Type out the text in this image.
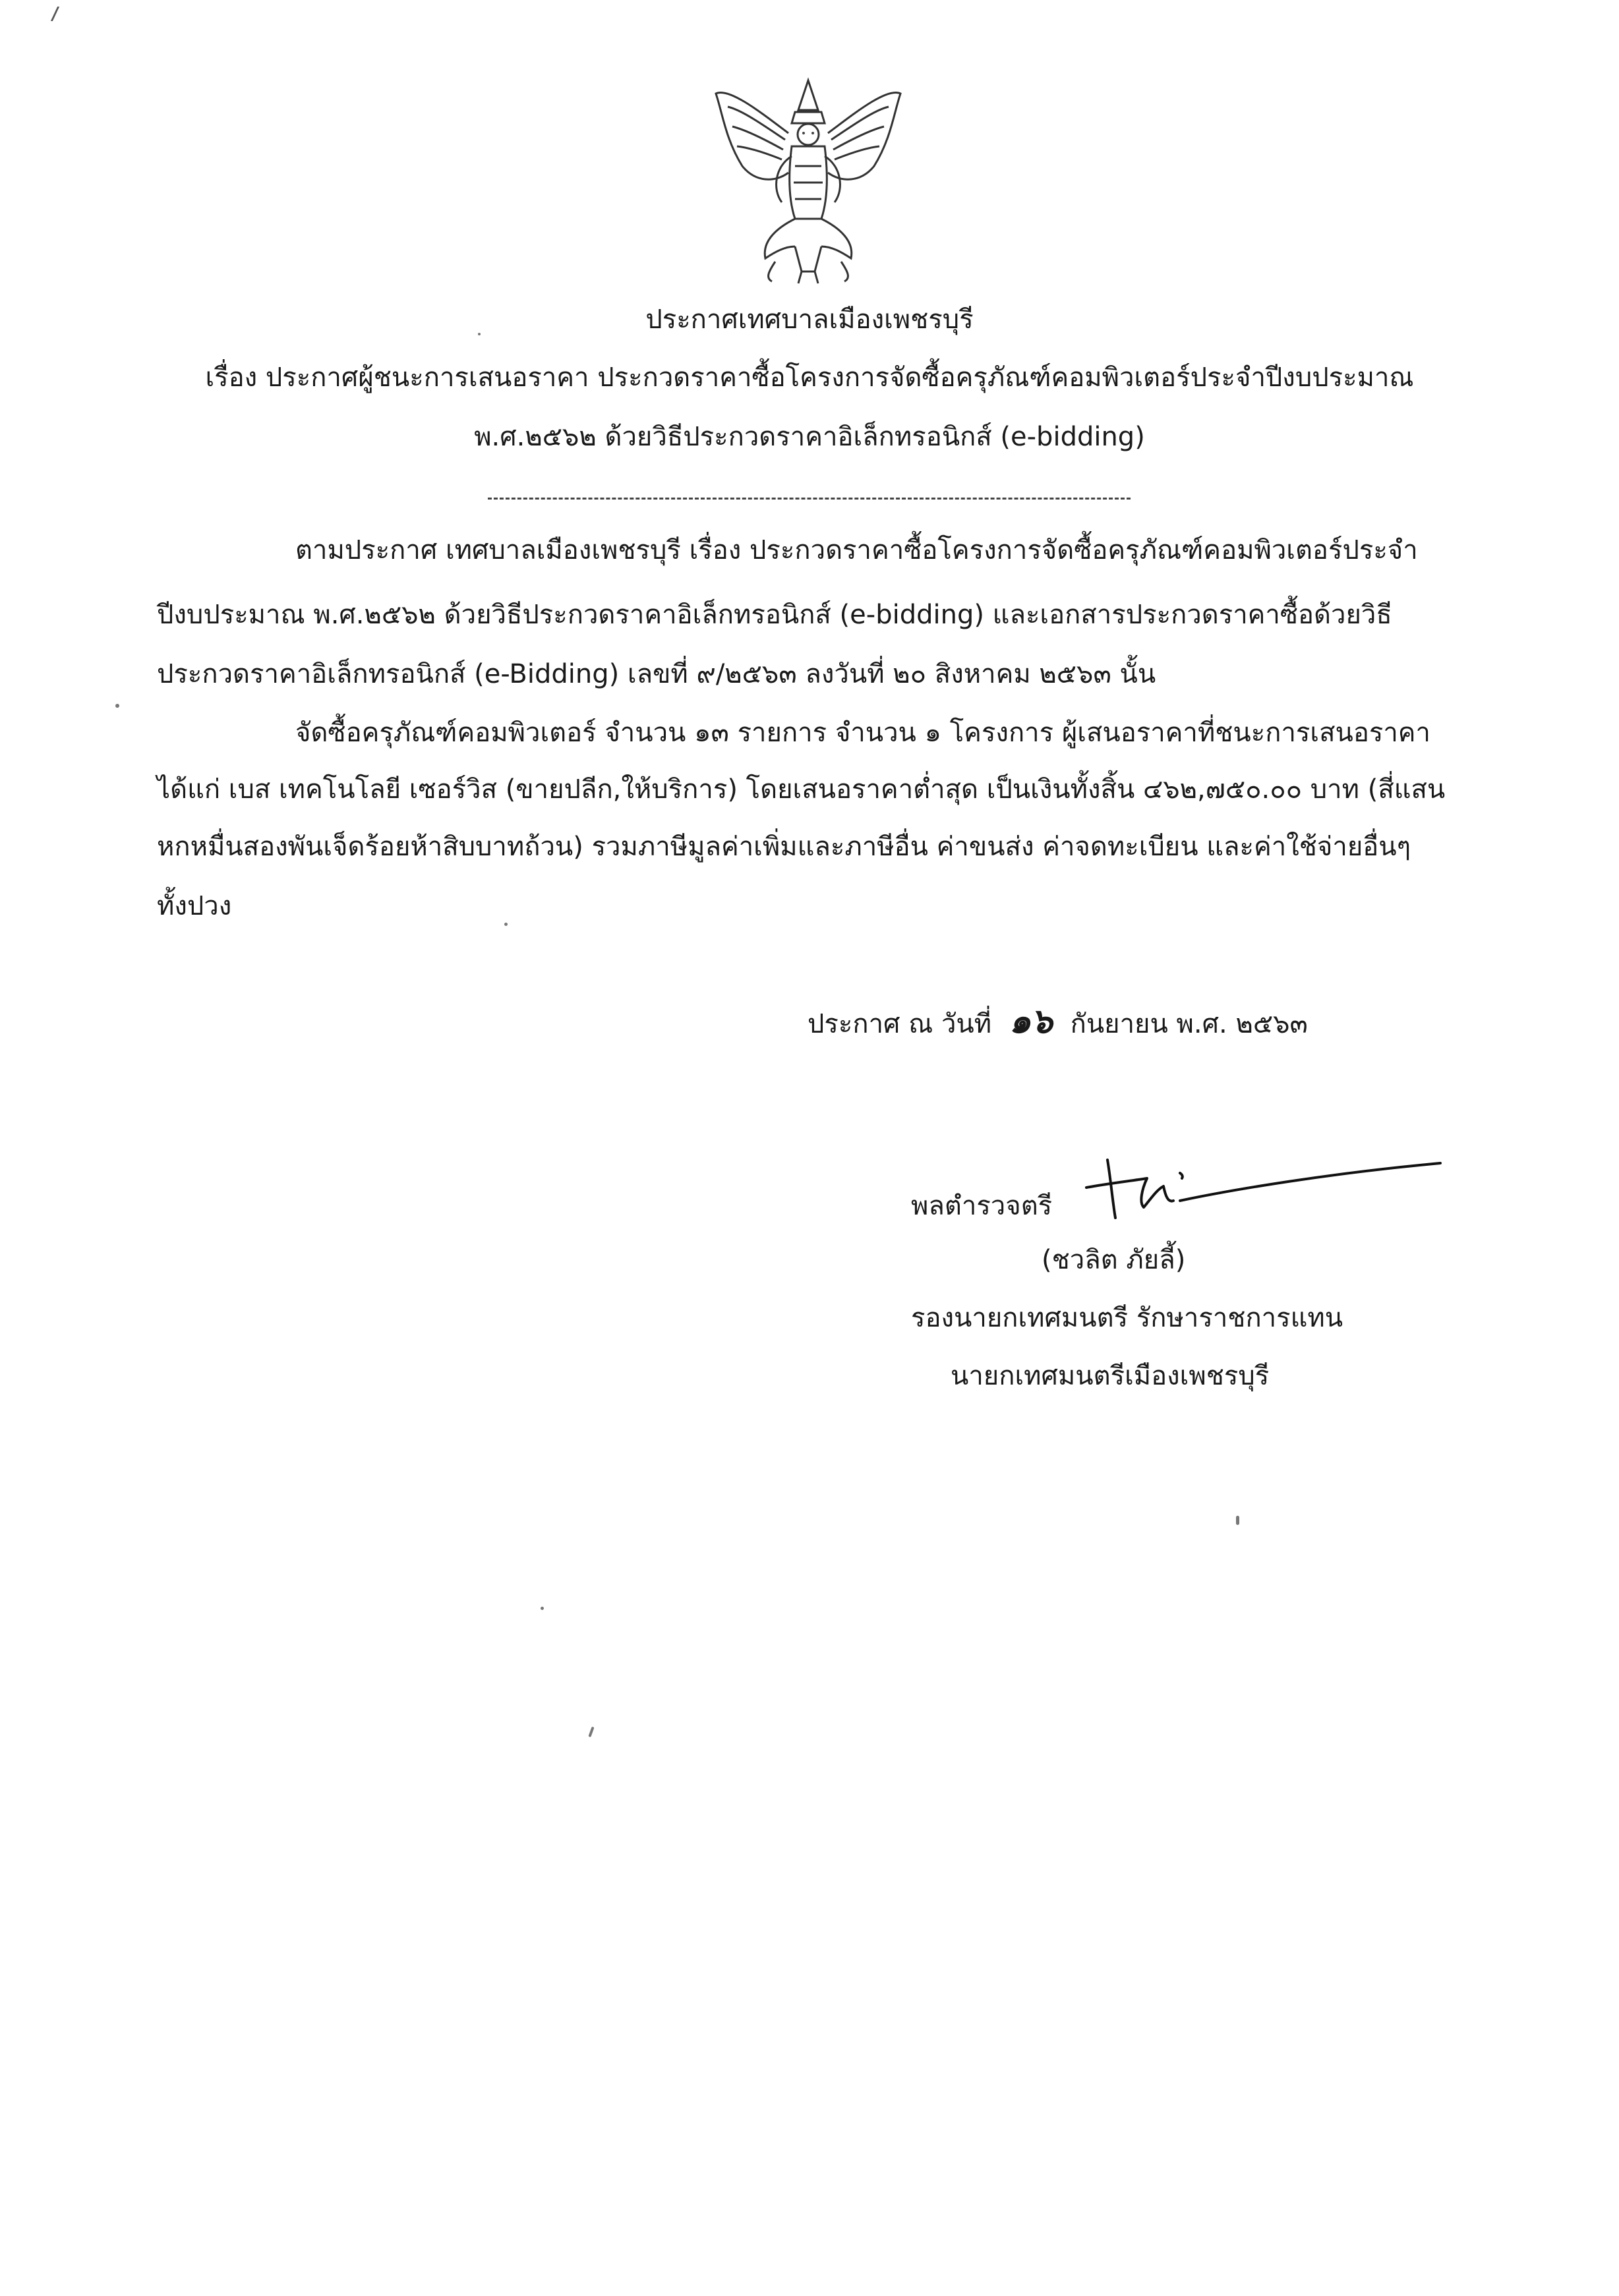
ประกาศเทศบาลเมืองเพชรบุรี
เรื่อง ประกาศผู้ชนะการเสนอราคา ประกวดราคาซื้อโครงการจัดซื้อครุภัณฑ์คอมพิวเตอร์ประจำปีงบประมาณ
พ.ศ.๒๕๖๒ ด้วยวิธีประกวดราคาอิเล็กทรอนิกส์ (e-bidding)
ตามประกาศ เทศบาลเมืองเพชรบุรี เรื่อง ประกวดราคาซื้อโครงการจัดซื้อครุภัณฑ์คอมพิวเตอร์ประจำ
ปีงบประมาณ พ.ศ.๒๕๖๒ ด้วยวิธีประกวดราคาอิเล็กทรอนิกส์ (e-bidding) และเอกสารประกวดราคาซื้อด้วยวิธี
ประกวดราคาอิเล็กทรอนิกส์ (e-Bidding) เลขที่ ๙/๒๕๖๓ ลงวันที่ ๒๐ สิงหาคม ๒๕๖๓ นั้น
จัดซื้อครุภัณฑ์คอมพิวเตอร์ จำนวน ๑๓ รายการ จำนวน ๑ โครงการ ผู้เสนอราคาที่ชนะการเสนอราคา
ได้แก่ เบส เทคโนโลยี เซอร์วิส (ขายปลีก,ให้บริการ) โดยเสนอราคาต่ำสุด เป็นเงินทั้งสิ้น ๔๖๒,๗๕๐.๐๐ บาท (สี่แสน
หกหมื่นสองพันเจ็ดร้อยห้าสิบบาทถ้วน) รวมภาษีมูลค่าเพิ่มและภาษีอื่น ค่าขนส่ง ค่าจดทะเบียน และค่าใช้จ่ายอื่นๆ
ทั้งปวง
ประกาศ ณ วันที่ ๑๖ กันยายน พ.ศ. ๒๕๖๓
พลตำรวจตรี
(ชวลิต ภัยลี้)
รองนายกเทศมนตรี รักษาราชการแทน
นายกเทศมนตรีเมืองเพชรบุรี
